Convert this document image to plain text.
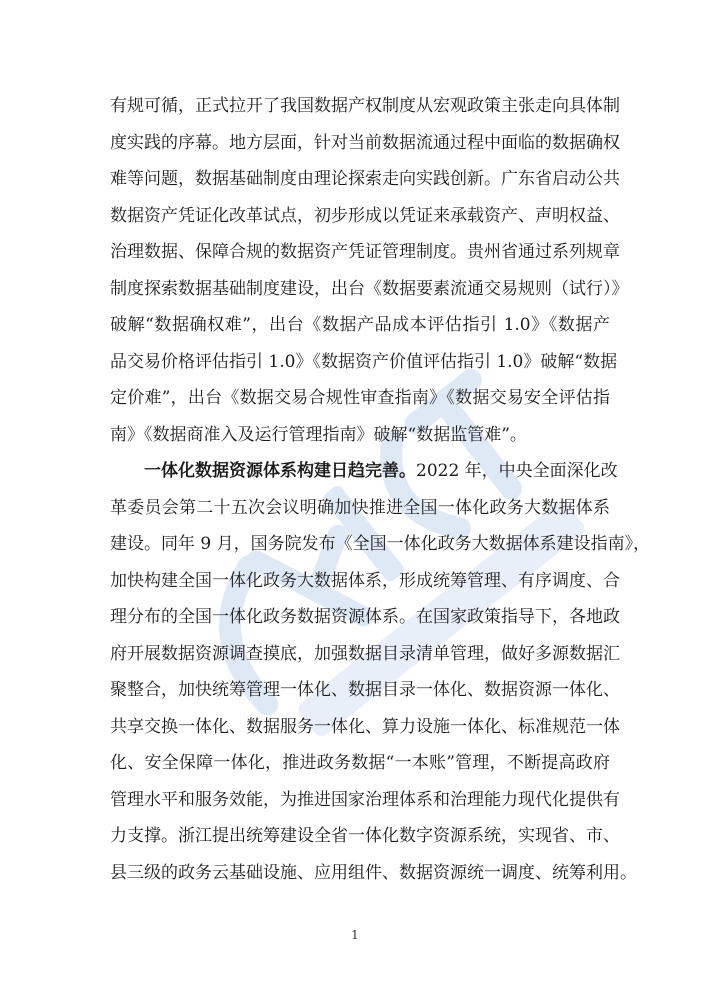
有规可循，正式拉开了我国数据产权制度从宏观政策主张走向具体制
度实践的序幕。地方层面，针对当前数据流通过程中面临的数据确权
难等问题，数据基础制度由理论探索走向实践创新。广东省启动公共
数据资产凭证化改革试点，初步形成以凭证来承载资产、声明权益、
治理数据、保障合规的数据资产凭证管理制度。贵州省通过系列规章
制度探索数据基础制度建设，出台《数据要素流通交易规则（试行）》
破解“数据确权难”，出台《数据产品成本评估指引 1.0》《数据产
品交易价格评估指引 1.0》《数据资产价值评估指引 1.0》破解“数据
定价难”，出台《数据交易合规性审查指南》《数据交易安全评估指
南》《数据商准入及运行管理指南》破解“数据监管难”。
一体化数据资源体系构建日趋完善。2022 年，中央全面深化改
革委员会第二十五次会议明确加快推进全国一体化政务大数据体系
建设。同年 9 月，国务院发布《全国一体化政务大数据体系建设指南》，
加快构建全国一体化政务大数据体系，形成统筹管理、有序调度、合
理分布的全国一体化政务数据资源体系。在国家政策指导下，各地政
府开展数据资源调查摸底，加强数据目录清单管理，做好多源数据汇
聚整合，加快统筹管理一体化、数据目录一体化、数据资源一体化、
共享交换一体化、数据服务一体化、算力设施一体化、标准规范一体
化、安全保障一体化，推进政务数据“一本账”管理，不断提高政府
管理水平和服务效能，为推进国家治理体系和治理能力现代化提供有
力支撑。浙江提出统筹建设全省一体化数字资源系统，实现省、市、
县三级的政务云基础设施、应用组件、数据资源统一调度、统筹利用。
1
